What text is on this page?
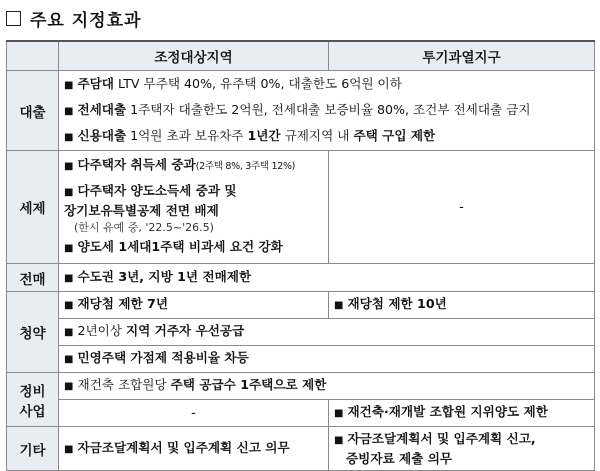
주요 지정효과
	조정대상지역	투기과열지구
대출	■ 주담대 LTV 무주택 40%, 유주택 0%, 대출한도 6억원 이하
■ 전세대출 1주택자 대출한도 2억원, 전세대출 보증비율 80%, 조건부 전세대출 금지
■ 신용대출 1억원 초과 보유차주 1년간 규제지역 내 주택 구입 제한	

세제	■ 다주택자 취득세 중과(2주택 8%, 3주택 12%)
■ 다주택자 양도소득세 중과 및
장기보유특별공제 전면 배제
(한시 유예 중, '22.5~'26.5)
■ 양도세 1세대1주택 비과세 요건 강화	-
전매	■ 수도권 3년, 지방 1년 전매제한	

청약	■ 재당첨 제한 7년	■ 재당첨 제한 10년

	■ 2년이상 지역 거주자 우선공급	

	■ 민영주택 가점제 적용비율 차등	

정비
사업	■ 재건축 조합원당 주택 공급수 1주택으로 제한	

	-	■ 재건축·재개발 조합원 지위양도 제한

기타	■ 자금조달계획서 및 입주계획 신고 의무	■ 자금조달계획서 및 입주계획 신고,
증빙자료 제출 의무
